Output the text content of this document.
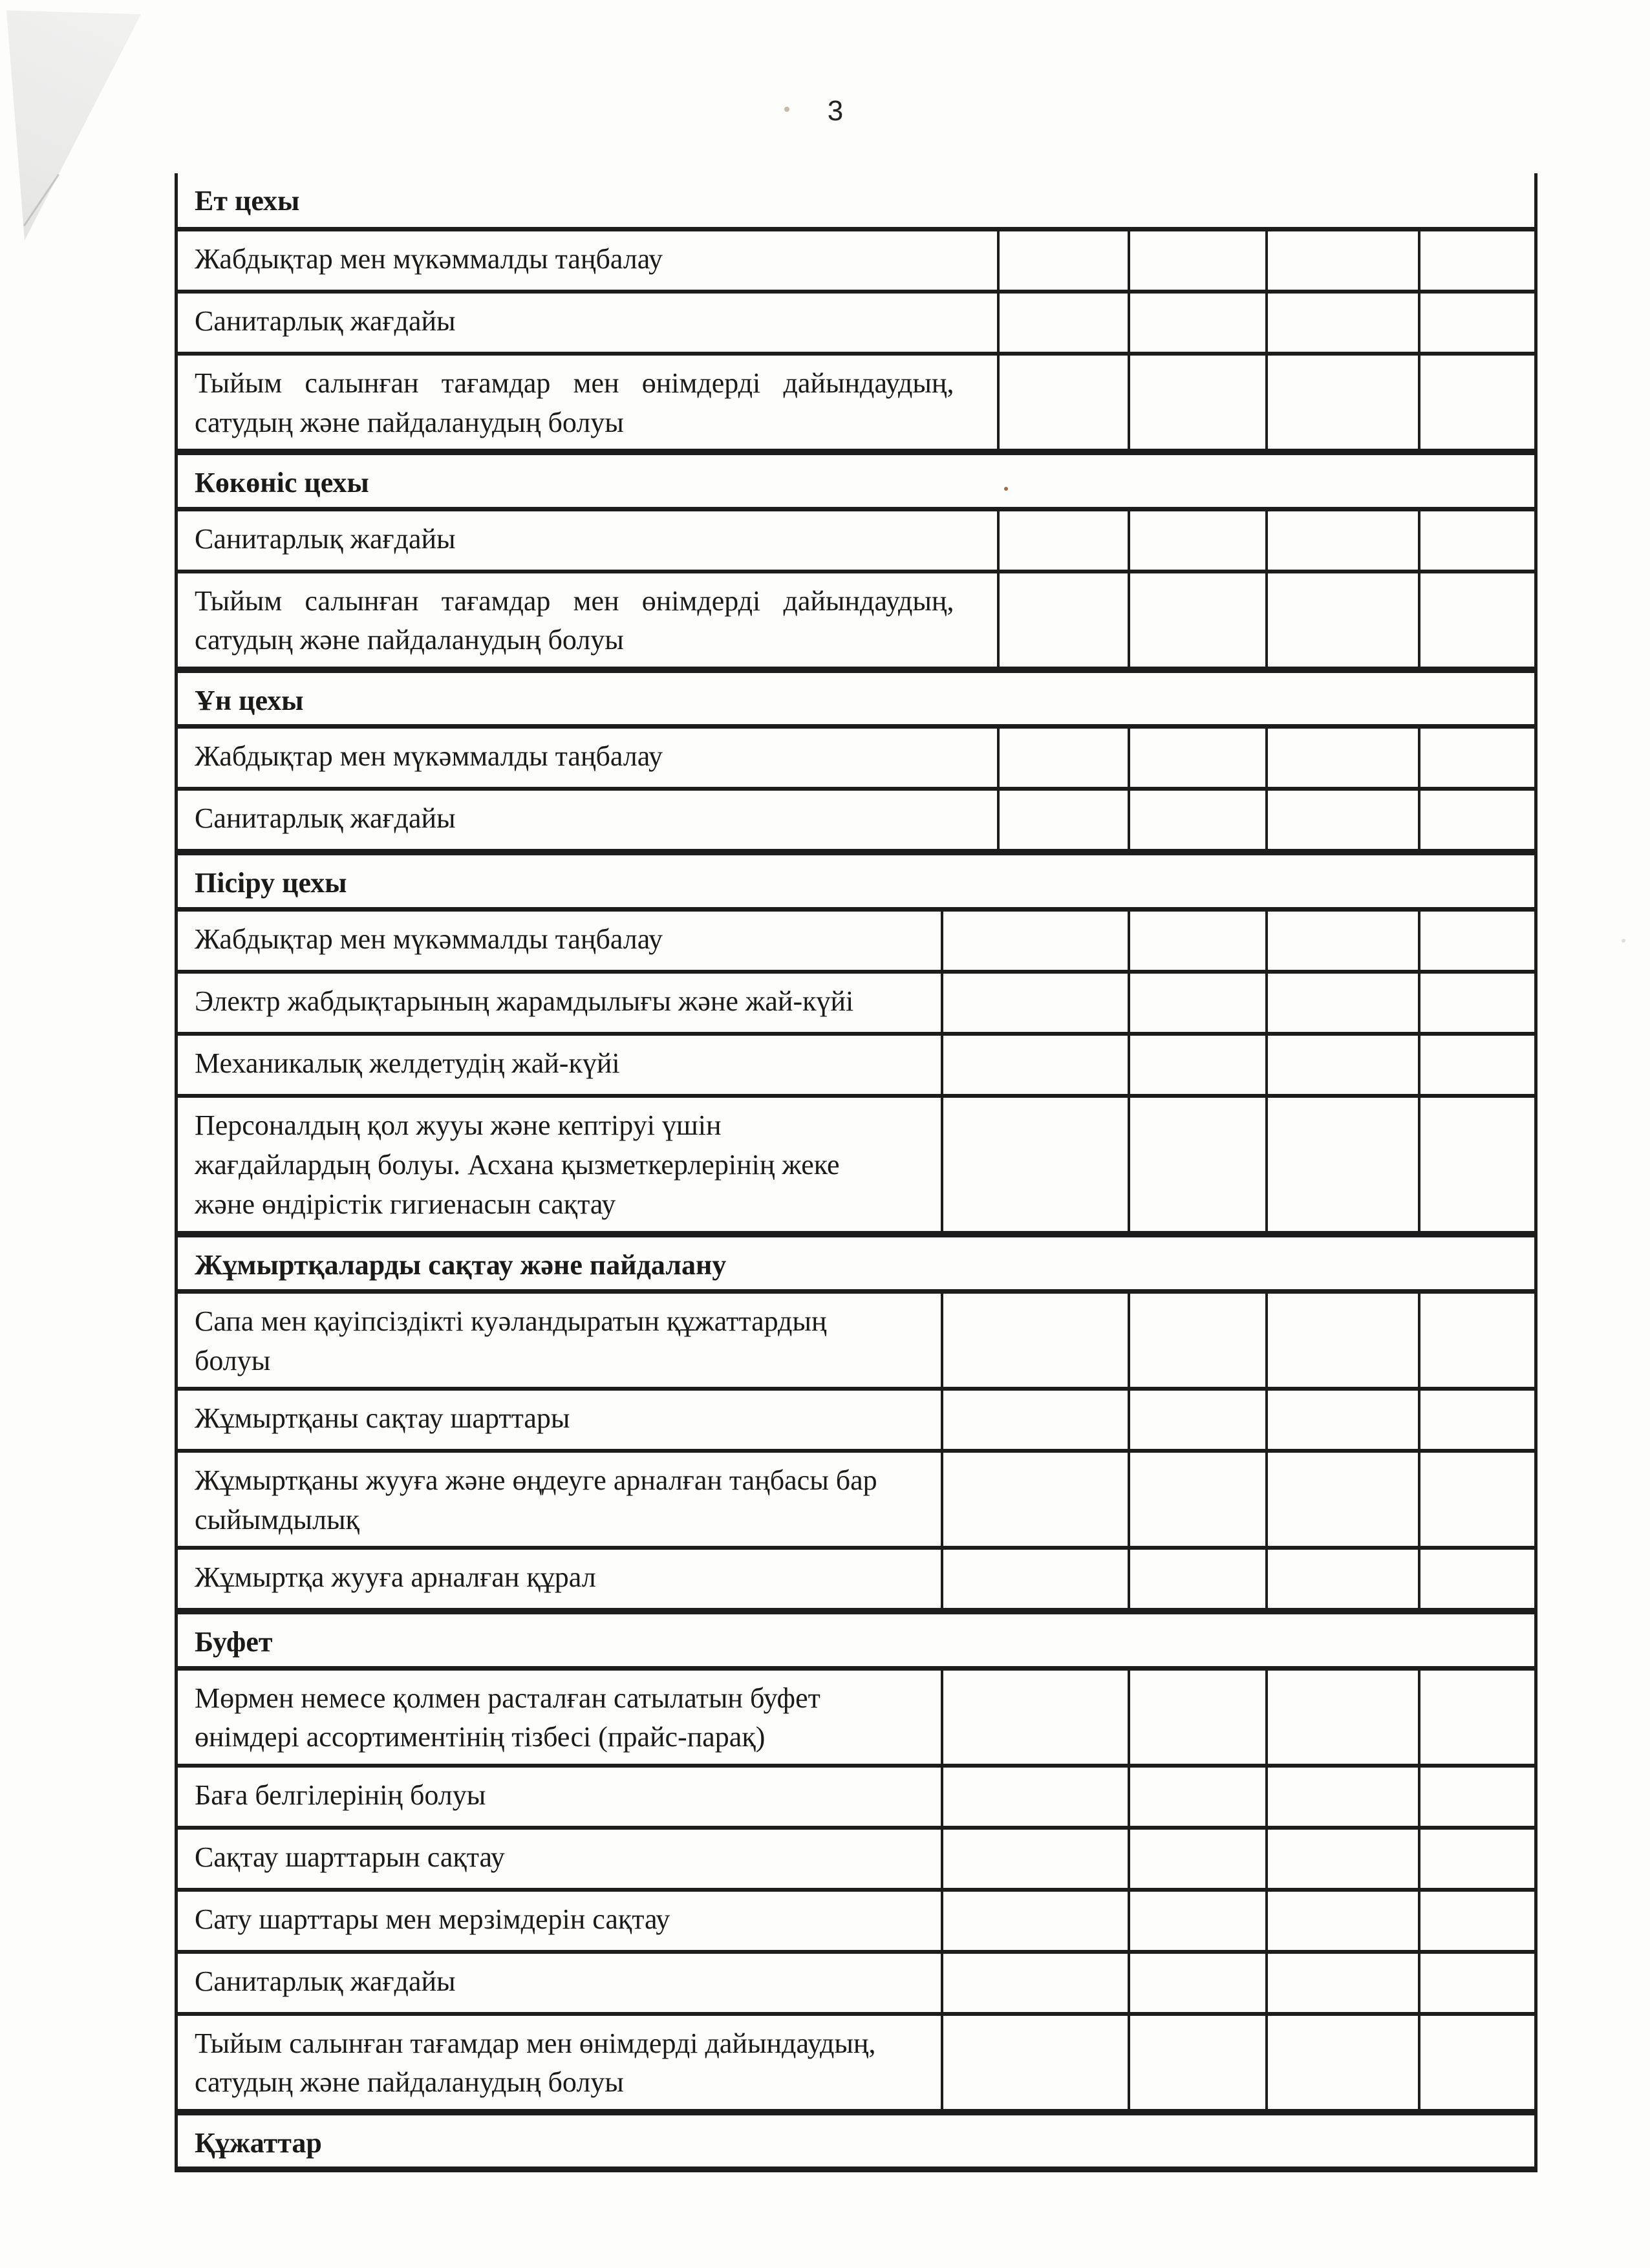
3
Ет цехы
Жабдықтар мен мүкәммалды таңбалау
Санитарлық жағдайы
Тыйым салынған тағамдар мен өнімдерді дайындаудың,
сатудың және пайдаланудың болуы
Көкөніс цехы
Санитарлық жағдайы
Тыйым салынған тағамдар мен өнімдерді дайындаудың,
сатудың және пайдаланудың болуы
Ұн цехы
Жабдықтар мен мүкәммалды таңбалау
Санитарлық жағдайы
Пісіру цехы
Жабдықтар мен мүкәммалды таңбалау
Электр жабдықтарының жарамдылығы және жай-күйі
Механикалық желдетудің жай-күйі
Персоналдың қол жууы және кептіруі үшін
жағдайлардың болуы. Асхана қызметкерлерінің жеке
және өндірістік гигиенасын сақтау
Жұмыртқаларды сақтау және пайдалану
Сапа мен қауіпсіздікті куәландыратын құжаттардың
болуы
Жұмыртқаны сақтау шарттары
Жұмыртқаны жууға және өңдеуге арналған таңбасы бар
сыйымдылық
Жұмыртқа жууға арналған құрал
Буфет
Мөрмен немесе қолмен расталған сатылатын буфет
өнімдері ассортиментінің тізбесі (прайс-парақ)
Баға белгілерінің болуы
Сақтау шарттарын сақтау
Сату шарттары мен мерзімдерін сақтау
Санитарлық жағдайы
Тыйым салынған тағамдар мен өнімдерді дайындаудың,
сатудың және пайдаланудың болуы
Құжаттар
